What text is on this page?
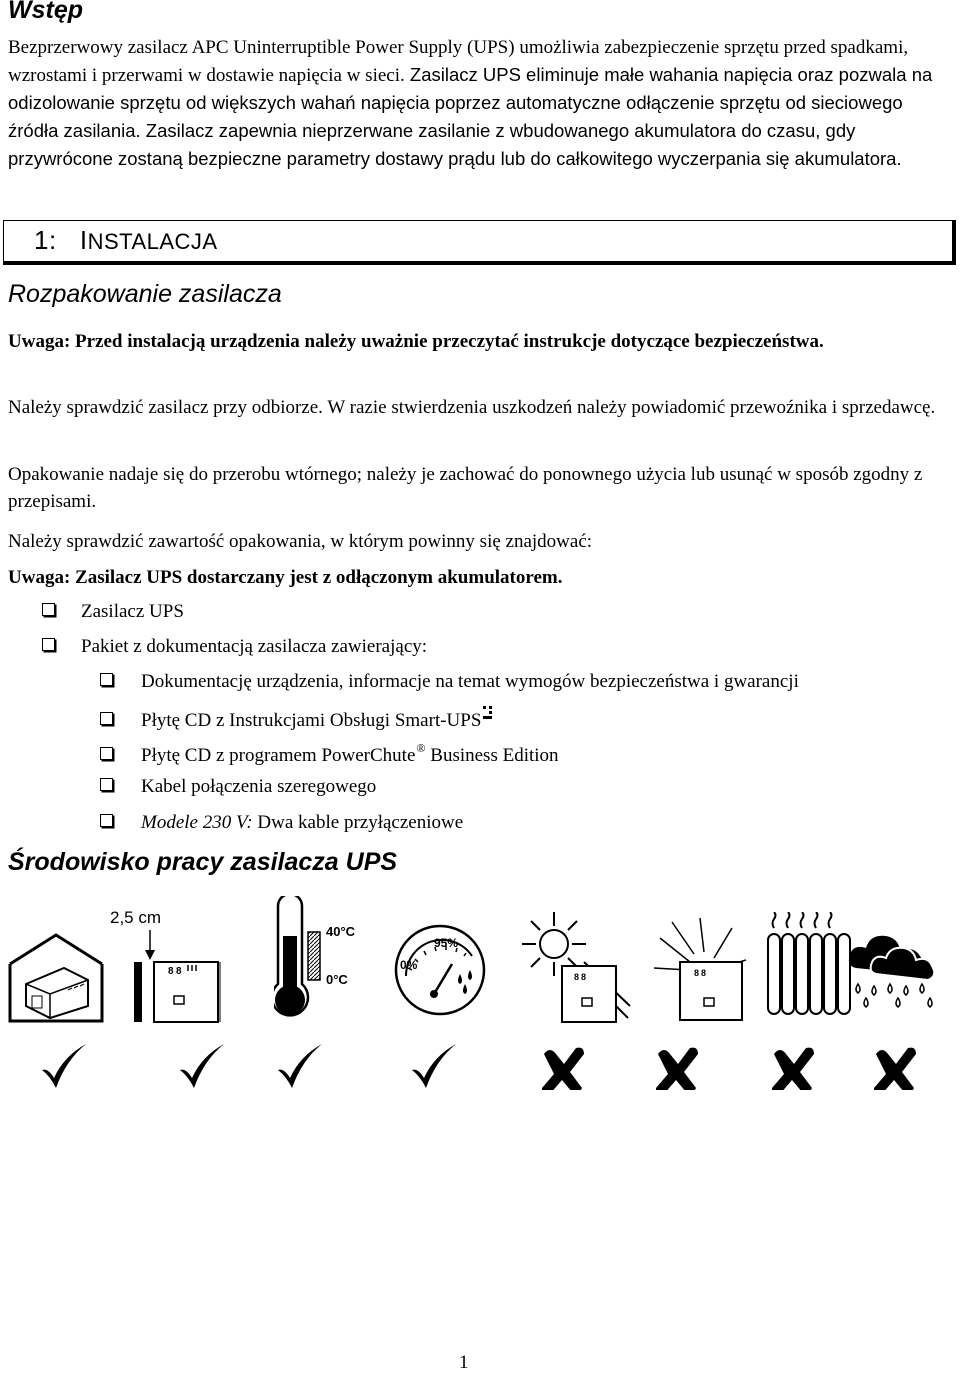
Wstęp

Bezprzerwowy zasilacz APC Uninterruptible Power Supply (UPS) umożliwia zabezpieczenie sprzętu przed spadkami, wzrostami i przerwami w dostawie napięcia w sieci. Zasilacz UPS eliminuje małe wahania napięcia oraz pozwala na odizolowanie sprzętu od większych wahań napięcia poprzez automatyczne odłączenie sprzętu od sieciowego źródła zasilania. Zasilacz zapewnia nieprzerwane zasilanie z wbudowanego akumulatora do czasu, gdy przywrócone zostaną bezpieczne parametry dostawy prądu lub do całkowitego wyczerpania się akumulatora.

1: INSTALACJA
Rozpakowanie zasilacza

Uwaga: Przed instalacją urządzenia należy uważnie przeczytać instrukcje dotyczące bezpieczeństwa.

Należy sprawdzić zasilacz przy odbiorze. W razie stwierdzenia uszkodzeń należy powiadomić przewoźnika i sprzedawcę.

Opakowanie nadaje się do przerobu wtórnego; należy je zachować do ponownego użycia lub usunąć w sposób zgodny z przepisami.

Należy sprawdzić zawartość opakowania, w którym powinny się znajdować:

Uwaga: Zasilacz UPS dostarczany jest z odłączonym akumulatorem.

Zasilacz UPS
Pakiet z dokumentacją zasilacza zawierający:
Dokumentację urządzenia, informacje na temat wymogów bezpieczeństwa i gwarancji
Płytę CD z Instrukcjami Obsługi Smart-UPS
Płytę CD z programem PowerChute® Business Edition
Kabel połączenia szeregowego
Modele 230 V: Dwa kable przyłączeniowe
Środowisko pracy zasilacza UPS
2,5 cm
8 8
40°C
0°C
95%
0%
8 8	8 8
1
